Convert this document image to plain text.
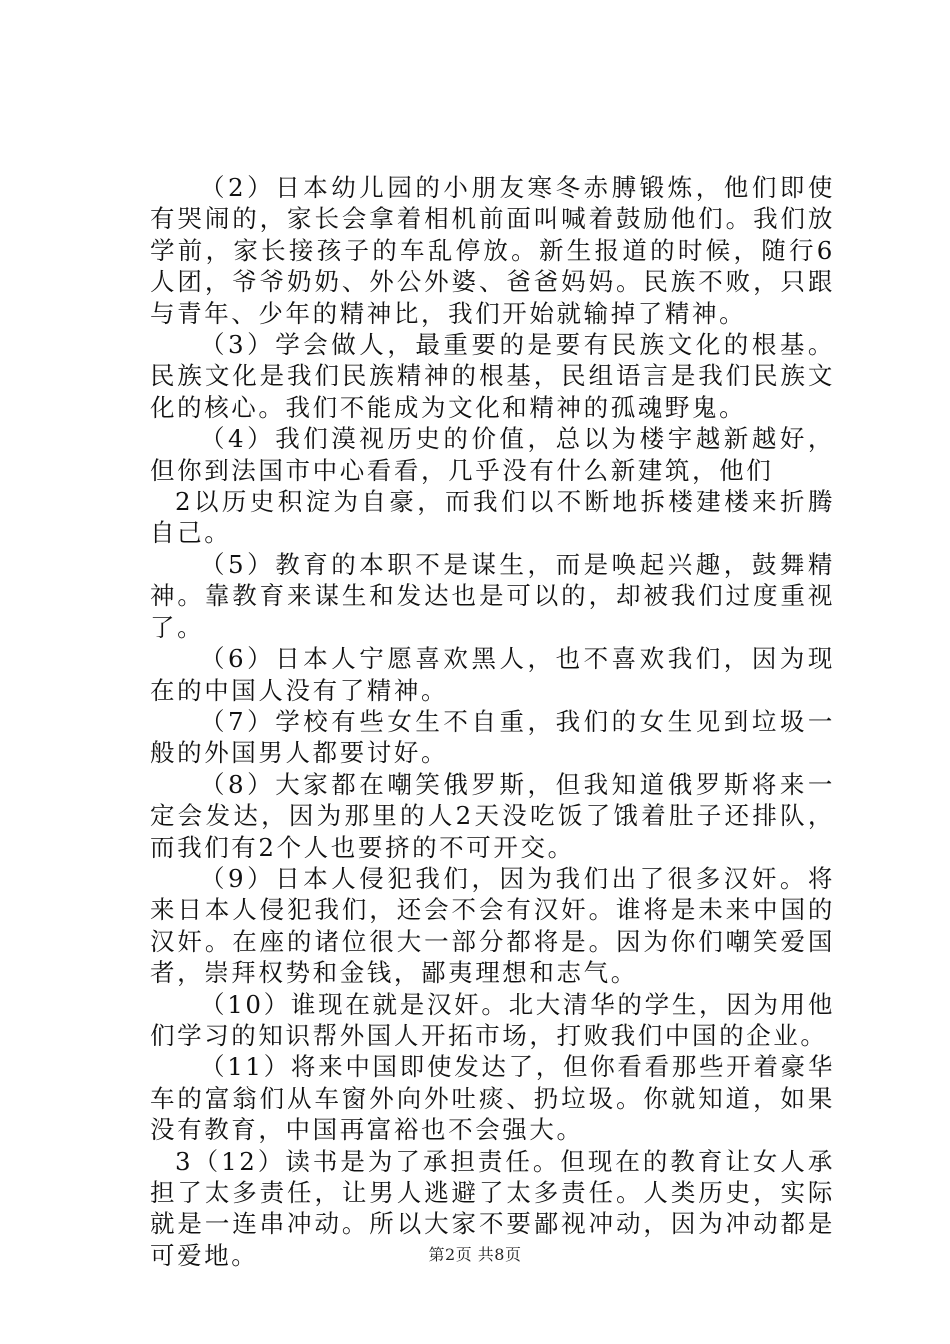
（2）日本幼儿园的小朋友寒冬赤膊锻炼，他们即使有哭闹的，家长会拿着相机前面叫喊着鼓励他们。我们放学前，家长接孩子的车乱停放。新生报道的时候，随行6人团，爷爷奶奶、外公外婆、爸爸妈妈。民族不败，只跟与青年、少年的精神比，我们开始就输掉了精神。

（3）学会做人，最重要的是要有民族文化的根基。民族文化是我们民族精神的根基，民组语言是我们民族文化的核心。我们不能成为文化和精神的孤魂野鬼。

（4）我们漠视历史的价值，总以为楼宇越新越好，但你到法国市中心看看，几乎没有什么新建筑，他们

2以历史积淀为自豪，而我们以不断地拆楼建楼来折腾自己。

（5）教育的本职不是谋生，而是唤起兴趣，鼓舞精神。靠教育来谋生和发达也是可以的，却被我们过度重视了。

（6）日本人宁愿喜欢黑人，也不喜欢我们，因为现在的中国人没有了精神。

（7）学校有些女生不自重，我们的女生见到垃圾一般的外国男人都要讨好。

（8）大家都在嘲笑俄罗斯，但我知道俄罗斯将来一定会发达，因为那里的人2天没吃饭了饿着肚子还排队，而我们有2个人也要挤的不可开交。

（9）日本人侵犯我们，因为我们出了很多汉奸。将来日本人侵犯我们，还会不会有汉奸。谁将是未来中国的汉奸。在座的诸位很大一部分都将是。因为你们嘲笑爱国者，崇拜权势和金钱，鄙夷理想和志气。

（10）谁现在就是汉奸。北大清华的学生，因为用他们学习的知识帮外国人开拓市场，打败我们中国的企业。

（11）将来中国即使发达了，但你看看那些开着豪华车的富翁们从车窗外向外吐痰、扔垃圾。你就知道，如果没有教育，中国再富裕也不会强大。

3（12）读书是为了承担责任。但现在的教育让女人承担了太多责任，让男人逃避了太多责任。人类历史，实际就是一连串冲动。所以大家不要鄙视冲动，因为冲动都是可爱地。	第2页 共8页
